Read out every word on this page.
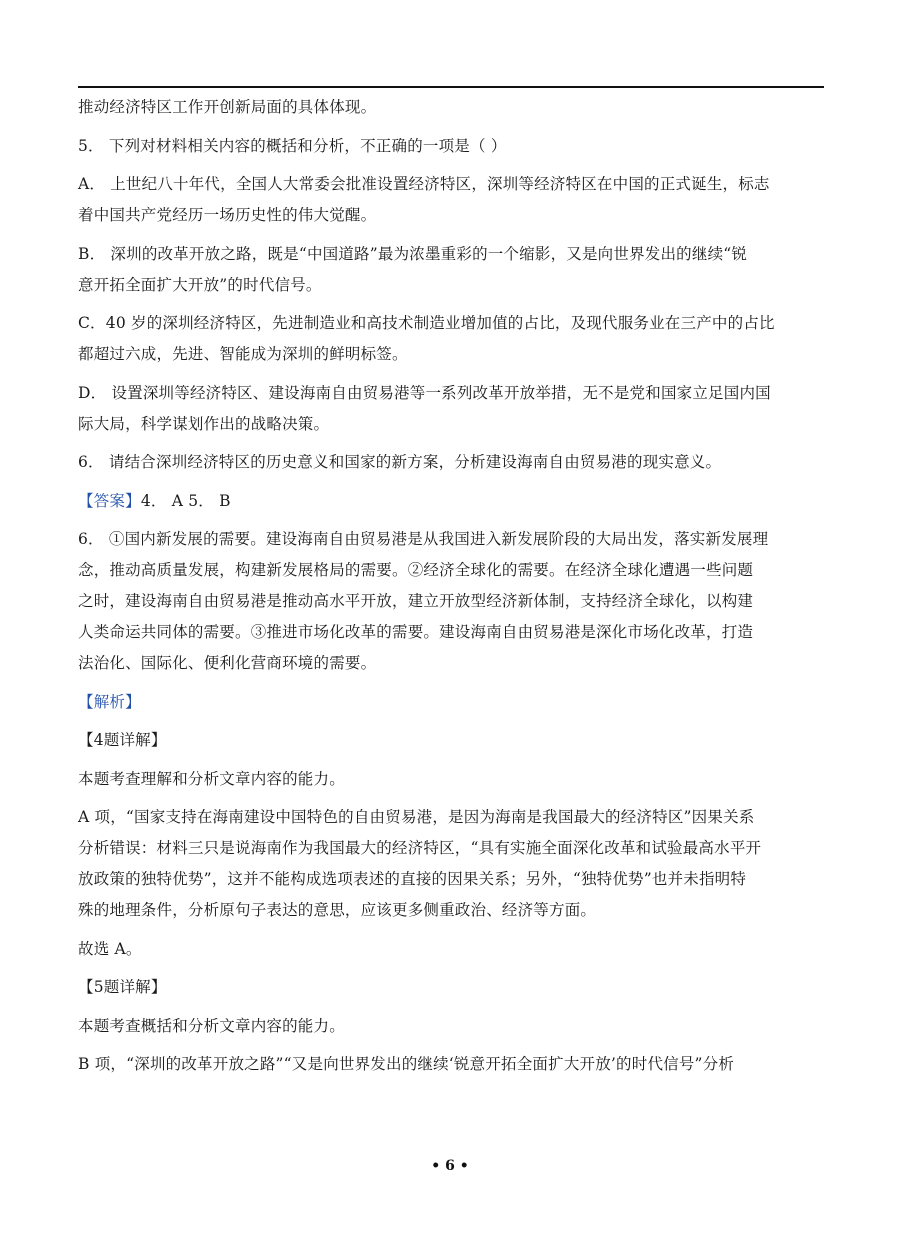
推动经济特区工作开创新局面的具体体现。
5． 下列对材料相关内容的概括和分析，不正确的一项是（ ）
A． 上世纪八十年代，全国人大常委会批准设置经济特区，深圳等经济特区在中国的正式诞生，标志
着中国共产党经历一场历史性的伟大觉醒。
B． 深圳的改革开放之路，既是“中国道路”最为浓墨重彩的一个缩影，又是向世界发出的继续“锐
意开拓全面扩大开放”的时代信号。
C．40 岁的深圳经济特区，先进制造业和高技术制造业增加值的占比，及现代服务业在三产中的占比
都超过六成，先进、智能成为深圳的鲜明标签。
D． 设置深圳等经济特区、建设海南自由贸易港等一系列改革开放举措，无不是党和国家立足国内国
际大局，科学谋划作出的战略决策。
6． 请结合深圳经济特区的历史意义和国家的新方案，分析建设海南自由贸易港的现实意义。
【答案】4． A 5． B
6． ①国内新发展的需要。建设海南自由贸易港是从我国进入新发展阶段的大局出发，落实新发展理
念，推动高质量发展，构建新发展格局的需要。②经济全球化的需要。在经济全球化遭遇一些问题
之时，建设海南自由贸易港是推动高水平开放，建立开放型经济新体制，支持经济全球化，以构建
人类命运共同体的需要。③推进市场化改革的需要。建设海南自由贸易港是深化市场化改革，打造
法治化、国际化、便利化营商环境的需要。
【解析】
【4题详解】
本题考查理解和分析文章内容的能力。
A 项，“国家支持在海南建设中国特色的自由贸易港，是因为海南是我国最大的经济特区”因果关系
分析错误：材料三只是说海南作为我国最大的经济特区，“具有实施全面深化改革和试验最高水平开
放政策的独特优势”，这并不能构成选项表述的直接的因果关系；另外，“独特优势”也并未指明特
殊的地理条件，分析原句子表达的意思，应该更多侧重政治、经济等方面。
故选 A。
【5题详解】
本题考查概括和分析文章内容的能力。
B 项，“深圳的改革开放之路”“又是向世界发出的继续‘锐意开拓全面扩大开放’的时代信号”分析
• 6 •
